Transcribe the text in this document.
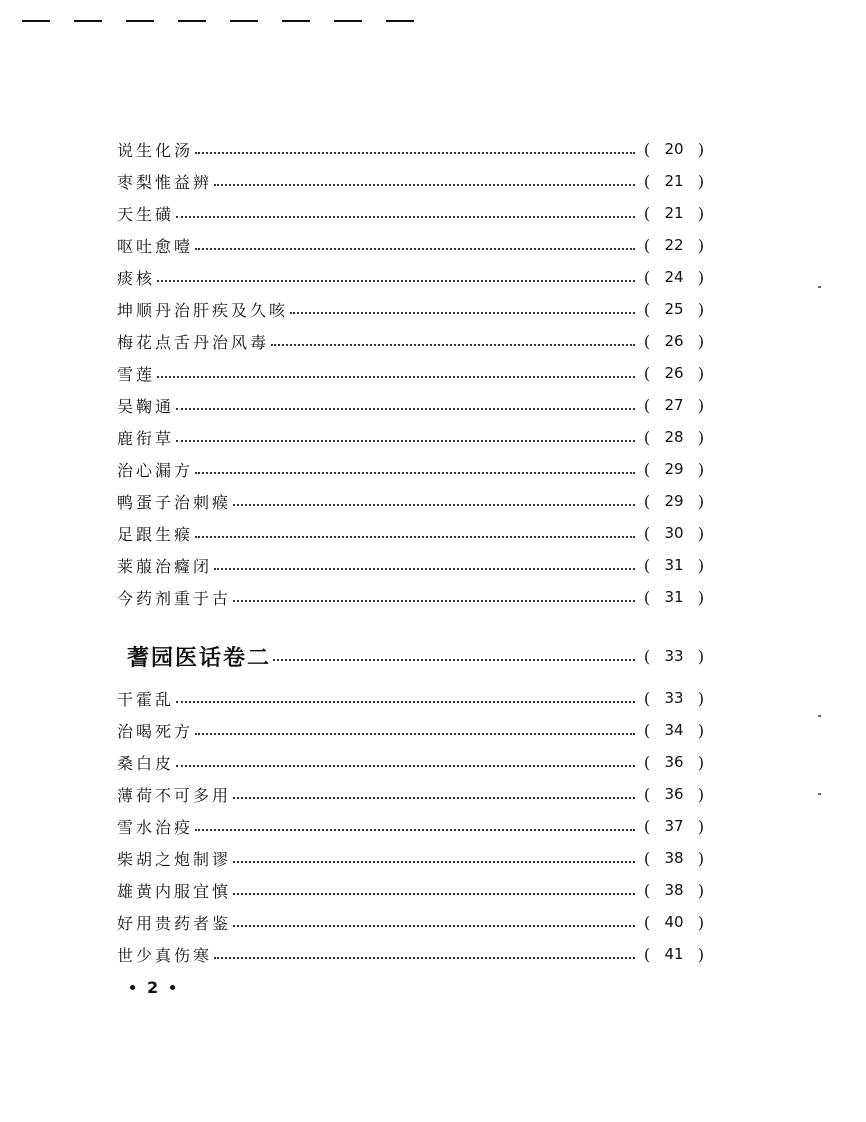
说生化汤	( 20 )
枣梨惟益辨	( 21 )
天生磺	( 21 )
呕吐愈噎	( 22 )
痰核	( 24 )
坤顺丹治肝疾及久咳	( 25 )
梅花点舌丹治风毒	( 26 )
雪莲	( 26 )
吴鞠通	( 27 )
鹿衔草	( 28 )
治心漏方	( 29 )
鸭蛋子治刺瘊	( 29 )
足跟生瘊	( 30 )
莱菔治癃闭	( 31 )
今药剂重于古	( 31 )
蓍园医话卷二	( 33 )
干霍乱	( 33 )
治喝死方	( 34 )
桑白皮	( 36 )
薄荷不可多用	( 36 )
雪水治疫	( 37 )
柴胡之炮制谬	( 38 )
雄黄内服宜慎	( 38 )
好用贵药者鉴	( 40 )
世少真伤寒	( 41 )
2
